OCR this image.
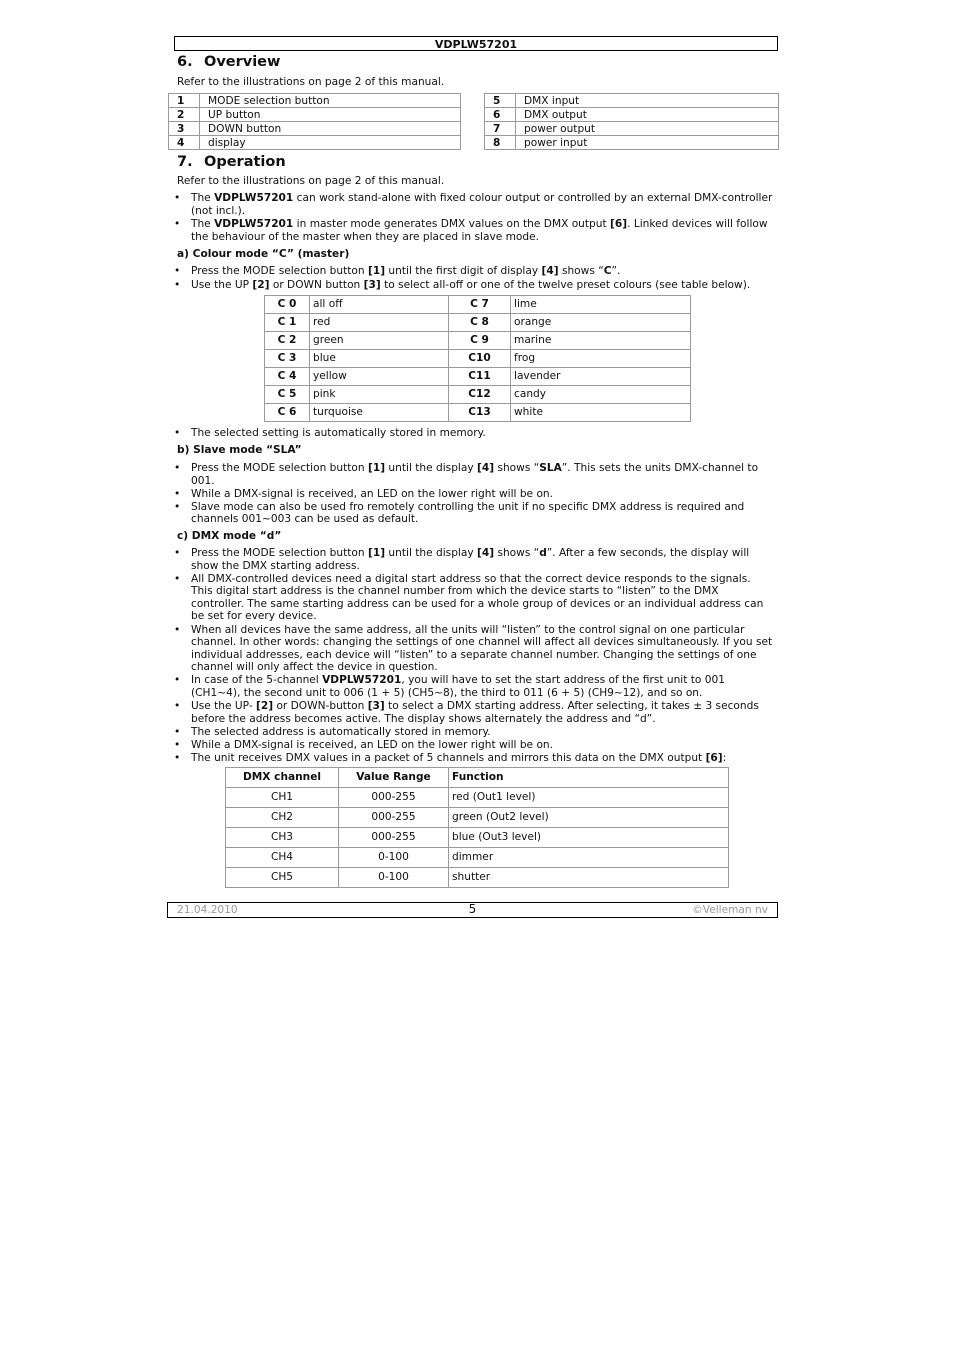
VDPLW57201
6. Overview
Refer to the illustrations on page 2 of this manual.
1	MODE selection button
2	UP button
3	DOWN button
4	display
5	DMX input
6	DMX output
7	power output
8	power input
7. Operation
Refer to the illustrations on page 2 of this manual.
• The VDPLW57201 can work stand-alone with fixed colour output or controlled by an external DMX-controller (not incl.).
• The VDPLW57201 in master mode generates DMX values on the DMX output [6]. Linked devices will follow the behaviour of the master when they are placed in slave mode.
a) Colour mode “C” (master)
• Press the MODE selection button [1] until the first digit of display [4] shows “C”.
• Use the UP [2] or DOWN button [3] to select all-off or one of the twelve preset colours (see table below).
C 0	all off	C 7	lime
C 1	red	C 8	orange
C 2	green	C 9	marine
C 3	blue	C10	frog
C 4	yellow	C11	lavender
C 5	pink	C12	candy
C 6	turquoise	C13	white
• The selected setting is automatically stored in memory.
b) Slave mode “SLA”
• Press the MODE selection button [1] until the display [4] shows “SLA”. This sets the units DMX-channel to 001.
• While a DMX-signal is received, an LED on the lower right will be on.
• Slave mode can also be used fro remotely controlling the unit if no specific DMX address is required and channels 001~003 can be used as default.
c) DMX mode “d”
• Press the MODE selection button [1] until the display [4] shows “d”. After a few seconds, the display will show the DMX starting address.
• All DMX-controlled devices need a digital start address so that the correct device responds to the signals. This digital start address is the channel number from which the device starts to “listen” to the DMX controller. The same starting address can be used for a whole group of devices or an individual address can be set for every device.
• When all devices have the same address, all the units will “listen” to the control signal on one particular channel. In other words: changing the settings of one channel will affect all devices simultaneously. If you set individual addresses, each device will “listen” to a separate channel number. Changing the settings of one channel will only affect the device in question.
• In case of the 5-channel VDPLW57201, you will have to set the start address of the first unit to 001 (CH1~4), the second unit to 006 (1 + 5) (CH5~8), the third to 011 (6 + 5) (CH9~12), and so on.
• Use the UP- [2] or DOWN-button [3] to select a DMX starting address. After selecting, it takes ± 3 seconds before the address becomes active. The display shows alternately the address and “d”.
• The selected address is automatically stored in memory.
• While a DMX-signal is received, an LED on the lower right will be on.
• The unit receives DMX values in a packet of 5 channels and mirrors this data on the DMX output [6]:
DMX channel	Value Range	Function
CH1	000-255	red (Out1 level)
CH2	000-255	green (Out2 level)
CH3	000-255	blue (Out3 level)
CH4	0-100	dimmer
CH5	0-100	shutter
21.04.2010	5	©Velleman nv
